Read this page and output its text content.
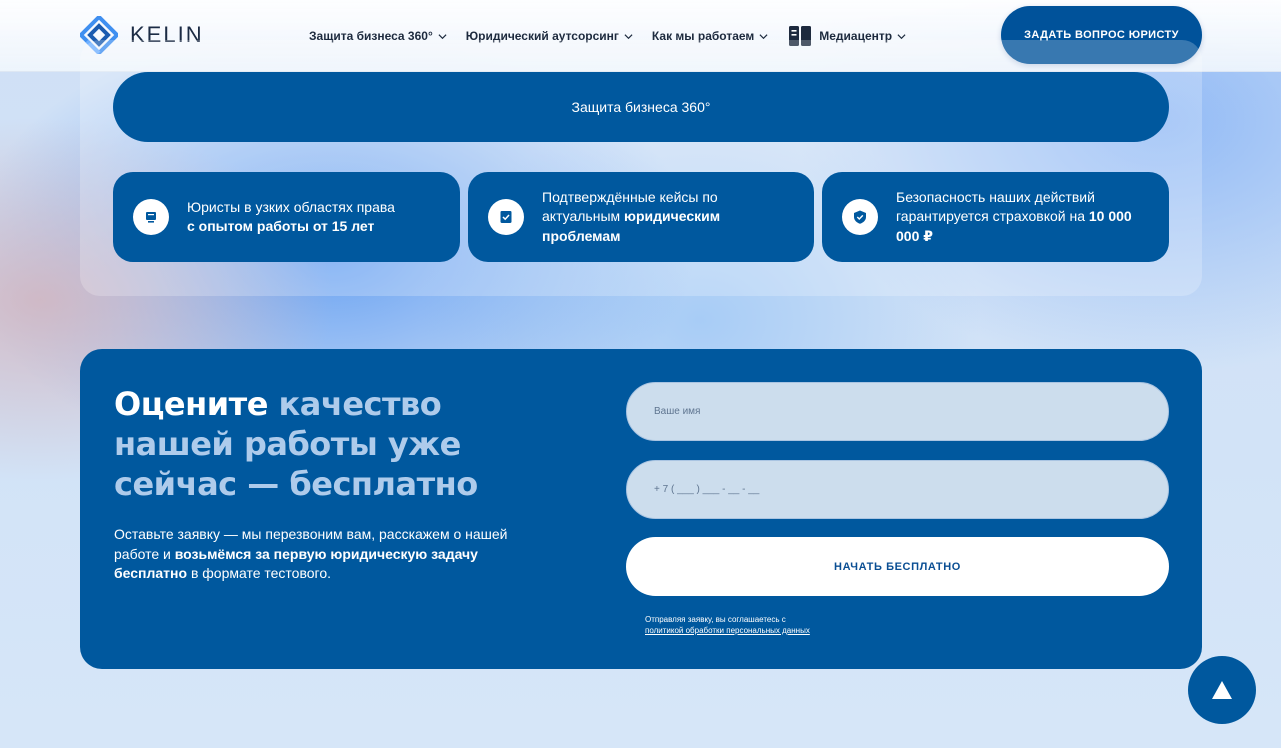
KELIN	Защита бизнеса 360°	Юридический аутсорсинг	Как мы работаем	Медиацентр	ЗАДАТЬ ВОПРОС ЮРИСТУ
Защита бизнеса 360°
Юристы в узких областях права
с опытом работы от 15 лет
Подтверждённые кейсы по актуальным юридическим проблемам
Безопасность наших действий гарантируется страховкой на 10 000 000 ₽
Оцените качество
нашей работы уже
сейчас — бесплатно

Оставьте заявку — мы перезвоним вам, расскажем о нашей работе и возьмёмся за первую юридическую задачу бесплатно в формате тестового.

Ваше имя
+ 7 ( ___ ) ___ - __ - __
НАЧАТЬ БЕСПЛАТНО
Отправляя заявку, вы соглашаетесь с
политикой обработки персональных данных
